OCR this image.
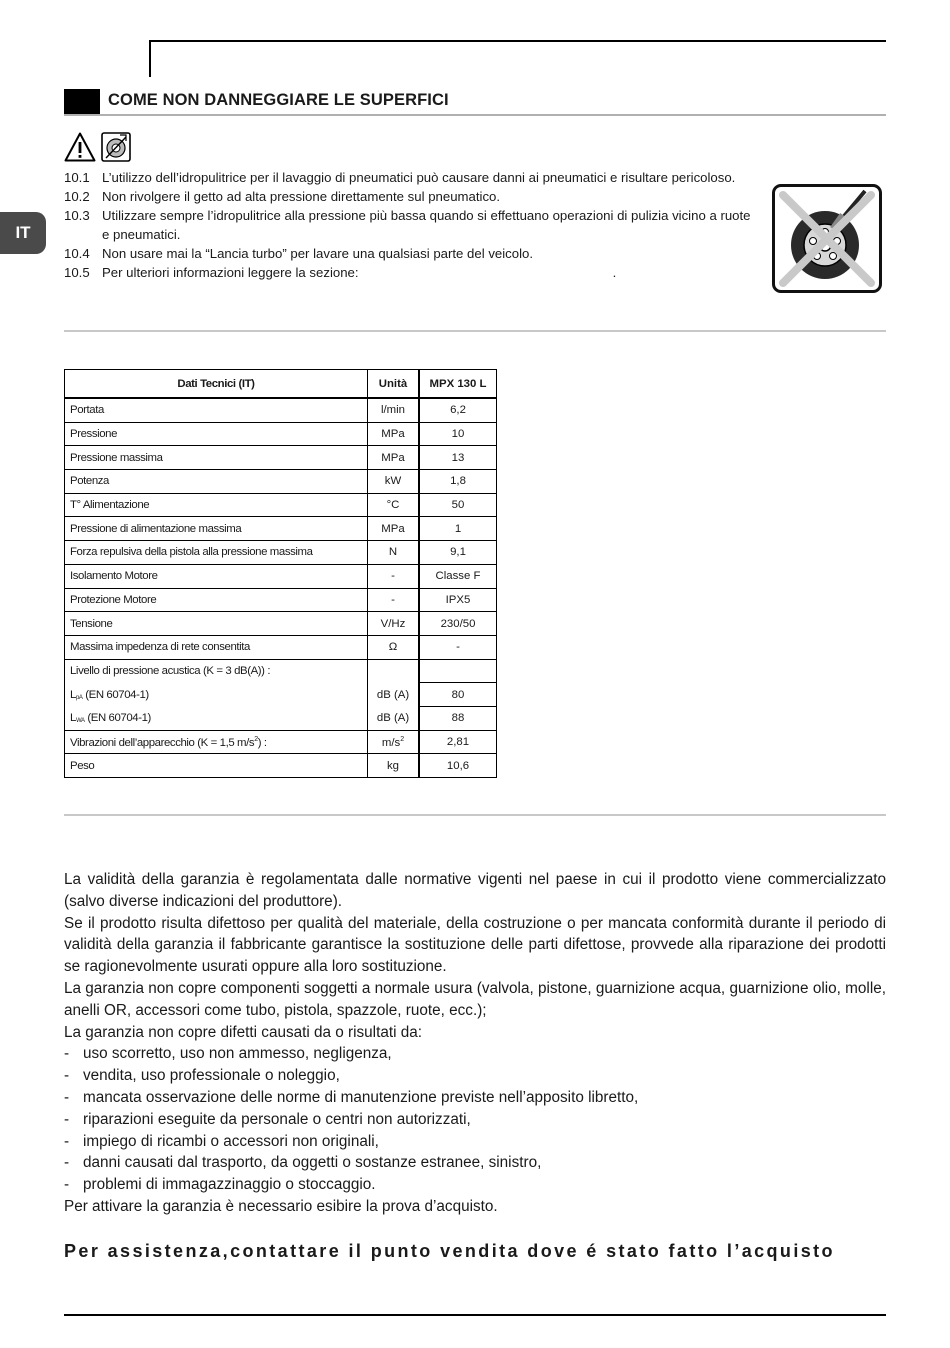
IT
COME NON DANNEGGIARE LE SUPERFICI
10.1 L’utilizzo dell’idropulitrice per il lavaggio di pneumatici può causare danni ai pneumatici e risultare pericoloso.
10.2 Non rivolgere il getto ad alta pressione direttamente sul pneumatico.
10.3 Utilizzare sempre l’idropulitrice alla pressione più bassa quando si effettuano operazioni di pulizia vicino a ruote e pneumatici.
10.4 Non usare mai la “Lancia turbo” per lavare una qualsiasi parte del veicolo.
10.5 Per ulteriori informazioni leggere la sezione:	.
Dati Tecnici (IT)	Unità	MPX 130 L
Portata	l/min	6,2
Pressione	MPa	10
Pressione massima	MPa	13
Potenza	kW	1,8
T° Alimentazione	°C	50
Pressione di alimentazione massima	MPa	1
Forza repulsiva della pistola alla pressione massima	N	9,1
Isolamento Motore	-	Classe F
Protezione Motore	-	IPX5
Tensione	V/Hz	230/50
Massima impedenza di rete consentita	Ω	-
Livello di pressione acustica (K = 3 dB(A)) :		
$L_{pA}$ (EN 60704-1)	dB (A)	80
$L_{WA}$ (EN 60704-1)	dB (A)	88
Vibrazioni dell’apparecchio (K = 1,5 $m/s^2$) :	$m/s^2$	2,81
Peso	kg	10,6

La validità della garanzia è regolamentata dalle normative vigenti nel paese in cui il prodotto viene commercializzato (salvo diverse indicazioni del produttore).

Se il prodotto risulta difettoso per qualità del materiale, della costruzione o per mancata conformità durante il periodo di validità della garanzia il fabbricante garantisce la sostituzione delle parti difettose, provvede alla riparazione dei prodotti se ragionevolmente usurati oppure alla loro sostituzione.

La garanzia non copre componenti soggetti a normale usura (valvola, pistone, guarnizione acqua, guarnizione olio, molle, anelli OR, accessori come tubo, pistola, spazzole, ruote, ecc.);

La garanzia non copre difetti causati da o risultati da:

- uso scorretto, uso non ammesso, negligenza,
- vendita, uso professionale o noleggio,
- mancata osservazione delle norme di manutenzione previste nell’apposito libretto,
- riparazioni eseguite da personale o centri non autorizzati,
- impiego di ricambi o accessori non originali,
- danni causati dal trasporto, da oggetti o sostanze estranee, sinistro,
- problemi di immagazzinaggio o stoccaggio.

Per attivare la garanzia è necessario esibire la prova d’acquisto.

Per assistenza,contattare il punto vendita dove é stato fatto l’acquisto
